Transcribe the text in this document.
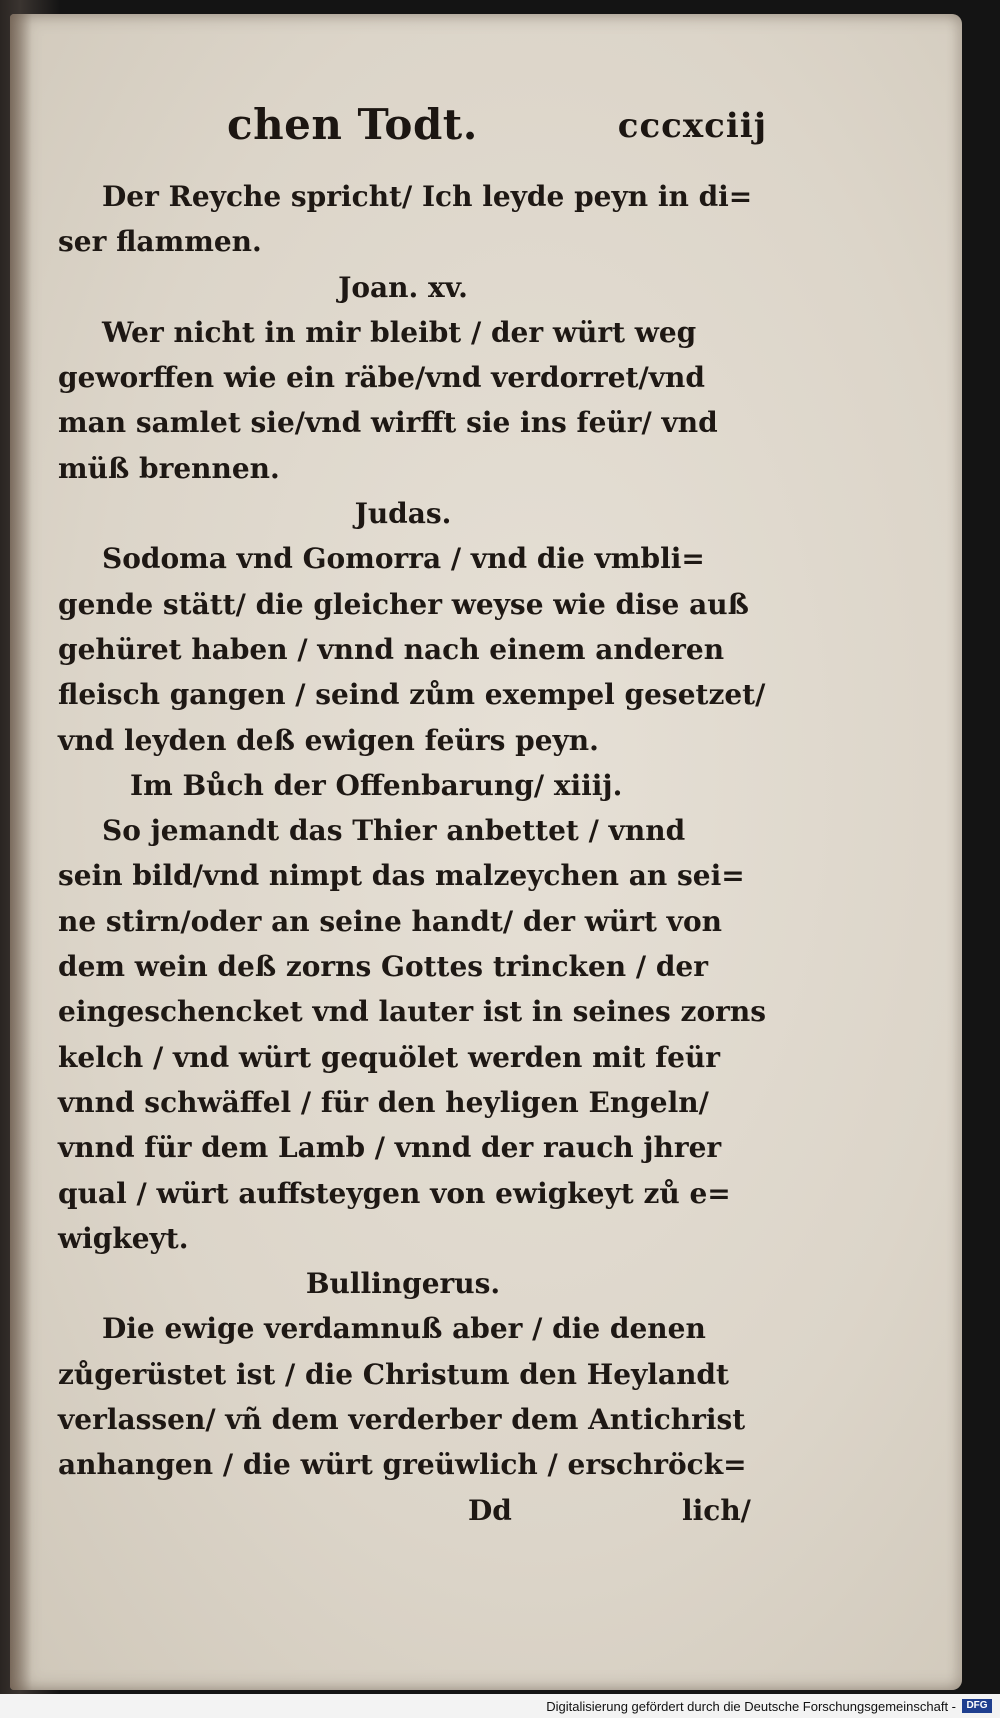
chen Todt.	cccxciij
Der Reyche spricht/ Ich leyde peyn in di=
ser flammen.
Joan. xv.
Wer nicht in mir bleibt / der würt weg
geworffen wie ein räbe/vnd verdorret/vnd
man samlet sie/vnd wirfft sie ins feür/ vnd
müß brennen.
Judas.
Sodoma vnd Gomorra / vnd die vmbli=
gende stätt/ die gleicher weyse wie dise auß
gehüret haben / vnnd nach einem anderen
fleisch gangen / seind zům exempel gesetzet/
vnd leyden deß ewigen feürs peyn.
Im Bůch der Offenbarung/ xiiij.
So jemandt das Thier anbettet / vnnd
sein bild/vnd nimpt das malzeychen an sei=
ne stirn/oder an seine handt/ der würt von
dem wein deß zorns Gottes trincken / der
eingeschencket vnd lauter ist in seines zorns
kelch / vnd würt gequölet werden mit feür
vnnd schwäffel / für den heyligen Engeln/
vnnd für dem Lamb / vnnd der rauch jhrer
qual / würt auffsteygen von ewigkeyt zů e=
wigkeyt.
Bullingerus.
Die ewige verdamnuß aber / die denen
zůgerüstet ist / die Christum den Heylandt
verlassen/ vñ dem verderber dem Antichrist
anhangen / die würt greüwlich / erschröck=
Dd	lich/
Digitalisierung gefördert durch die Deutsche Forschungsgemeinschaft -	DFG
